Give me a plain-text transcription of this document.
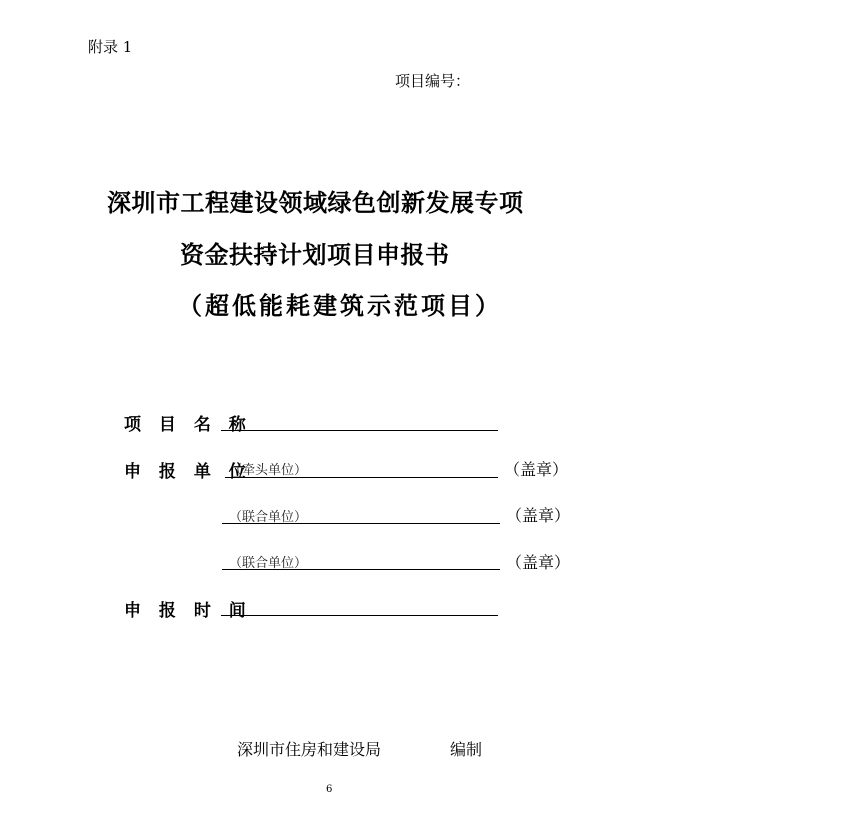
附录 1
项目编号：
深圳市工程建设领域绿色创新发展专项
资金扶持计划项目申报书
（超低能耗建筑示范项目）
项 目 名 称
申 报 单 位
（牵头单位）	（盖章）
（联合单位）	（盖章）
（联合单位）	（盖章）
申 报 时 间
深圳市住房和建设局	编制
6
